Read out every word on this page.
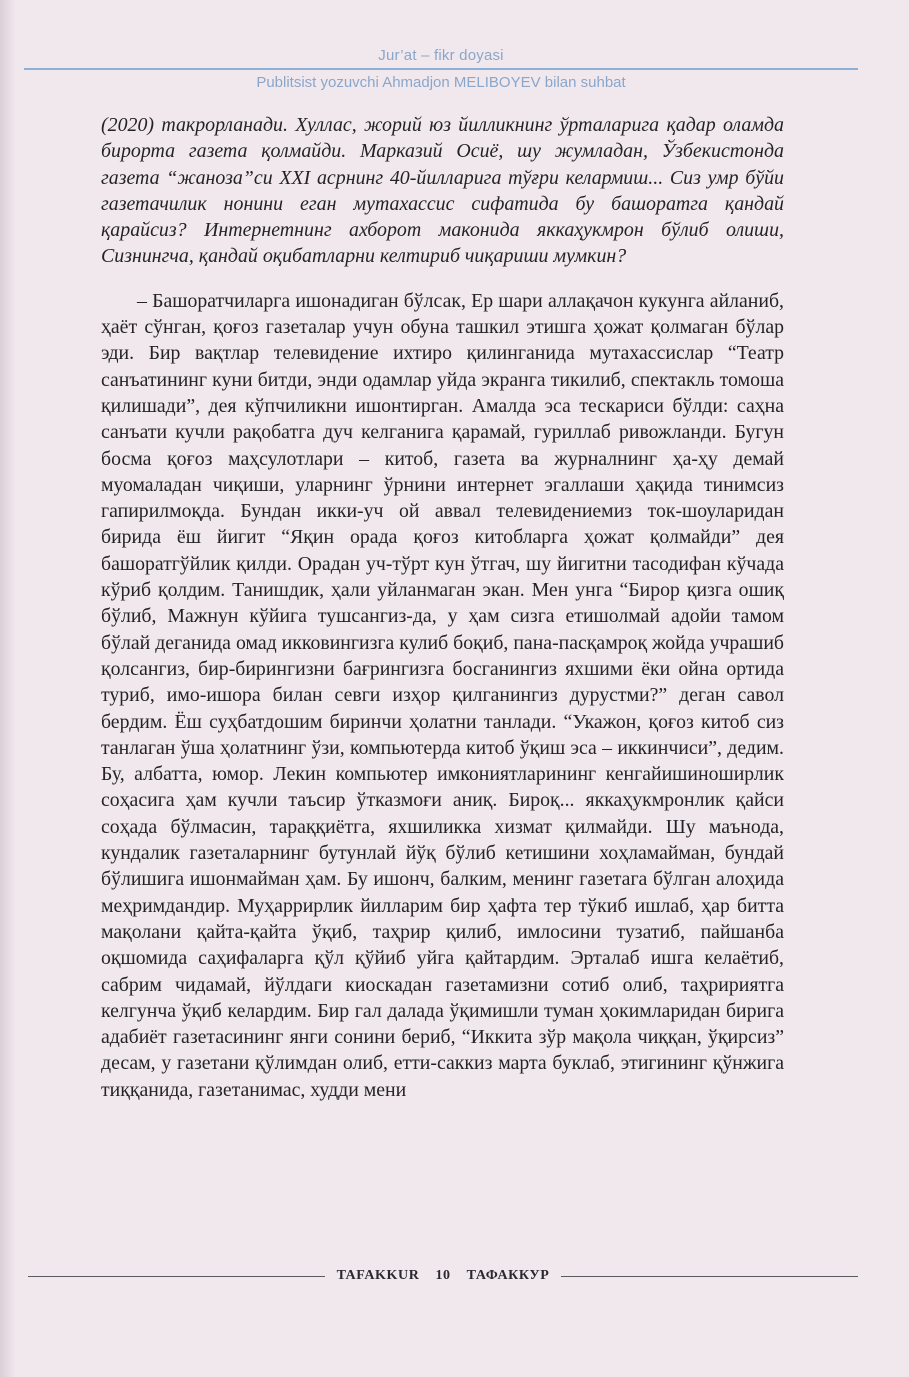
Jur’at – fikr doyasi
Publitsist yozuvchi Ahmadjon MELIBOYEV bilan suhbat

(2020) такрорланади. Хуллас, жорий юз йилликнинг ўрталарига қадар оламда бирорта газета қолмайди. Марказий Осиё, шу жумладан, Ўзбекистонда газета “жаноза”си XXI асрнинг 40-йилларига тўғри келармиш... Сиз умр бўйи газетачилик нонини еган мутахассис сифатида бу башоратга қандай қарайсиз? Интернетнинг ахборот маконида яккаҳукмрон бўлиб олиши, Сизнингча, қандай оқибатларни келтириб чиқариши мумкин?

– Башоратчиларга ишонадиган бўлсак, Ер шари аллақачон кукунга айланиб, ҳаёт сўнган, қоғоз газеталар учун обуна ташкил этишга ҳожат қолмаган бўлар эди. Бир вақтлар телевидение ихтиро қилинганида мутахассислар “Театр санъатининг куни битди, энди одамлар уйда экранга тикилиб, спектакль томоша қилишади”, дея кўпчиликни ишонтирган. Амалда эса тескариси бўлди: саҳна санъати кучли рақобатга дуч келганига қарамай, гуриллаб ривожланди. Бугун босма қоғоз маҳсулотлари – китоб, газета ва журналнинг ҳа-ҳу демай муомаладан чиқиши, уларнинг ўрнини интернет эгаллаши ҳақида тинимсиз гапирилмоқда. Бундан икки-уч ой аввал телевидениемиз ток-шоуларидан бирида ёш йигит “Яқин орада қоғоз китобларга ҳожат қолмайди” дея башоратгўйлик қилди. Орадан уч-тўрт кун ўтгач, шу йигитни тасодифан кўчада кўриб қолдим. Танишдик, ҳали уйланмаган экан. Мен унга “Бирор қизга ошиқ бўлиб, Мажнун кўйига тушсангиз-да, у ҳам сизга етишолмай адойи тамом бўлай деганида омад икковингизга кулиб боқиб, пана-пасқамроқ жойда учрашиб қолсангиз, бир-бирингизни бағрингизга босганингиз яхшими ёки ойна ортида туриб, имо-ишора билан севги изҳор қилганингиз дурустми?” деган савол бердим. Ёш суҳбатдошим биринчи ҳолатни танлади. “Укажон, қоғоз китоб сиз танлаган ўша ҳолатнинг ўзи, компьютерда китоб ўқиш эса – иккинчиси”, дедим. Бу, албатта, юмор. Лекин компьютер имкониятларининг кенгайишиноширлик соҳасига ҳам кучли таъсир ўтказмоғи аниқ. Бироқ... яккаҳукмронлик қайси соҳада бўлмасин, тараққиётга, яхшиликка хизмат қилмайди. Шу маънода, кундалик газеталарнинг бутунлай йўқ бўлиб кетишини хоҳламайман, бундай бўлишига ишонмайман ҳам. Бу ишонч, балким, менинг газетага бўлган алоҳида меҳримдандир. Муҳаррирлик йилларим бир ҳафта тер тўкиб ишлаб, ҳар битта мақолани қайта-қайта ўқиб, таҳрир қилиб, имлосини тузатиб, пайшанба оқшомида саҳифаларга қўл қўйиб уйга қайтардим. Эрталаб ишга келаётиб, сабрим чидамай, йўлдаги киоскадан газетамизни сотиб олиб, таҳририятга келгунча ўқиб келардим. Бир гал далада ўқимишли туман ҳокимларидан бирига адабиёт газетасининг янги сонини бериб, “Иккита зўр мақола чиққан, ўқирсиз” десам, у газетани қўлимдан олиб, етти-саккиз марта буклаб, этигининг қўнжига тиққанида, газетанимас, худди мени

TAFAKKUR 10 ТАФАККУР
